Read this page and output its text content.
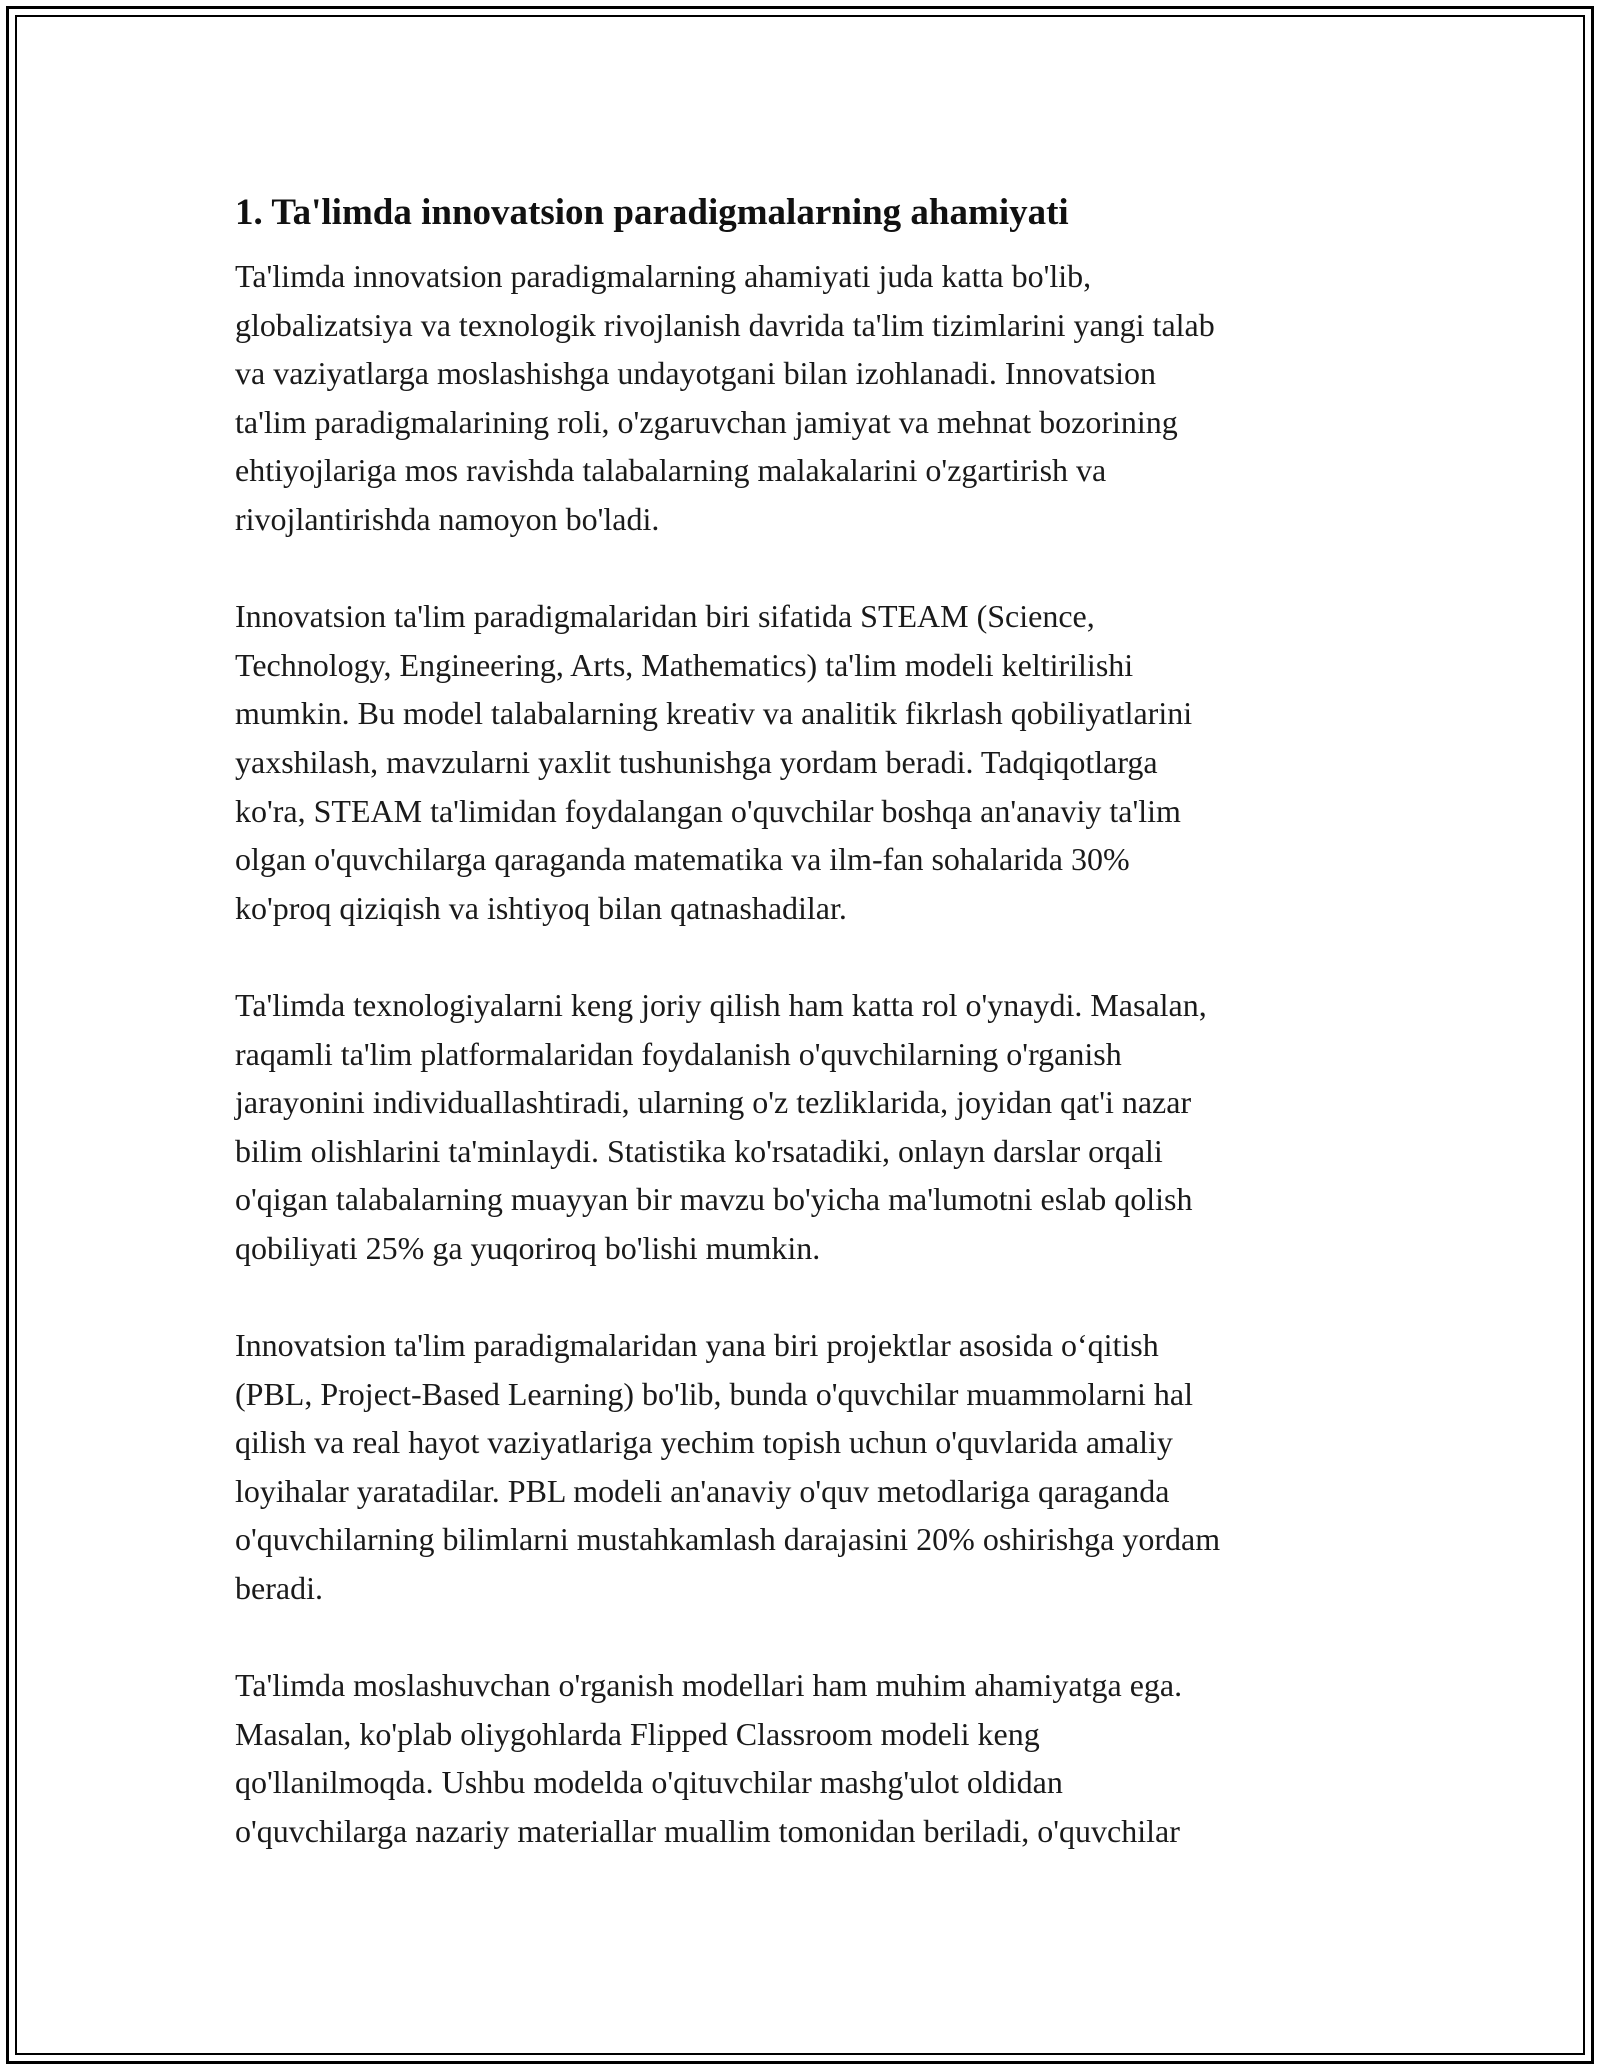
1. Ta'limda innovatsion paradigmalarning ahamiyati
Ta'limda innovatsion paradigmalarning ahamiyati juda katta bo'lib,
globalizatsiya va texnologik rivojlanish davrida ta'lim tizimlarini yangi talab
va vaziyatlarga moslashishga undayotgani bilan izohlanadi. Innovatsion
ta'lim paradigmalarining roli, o'zgaruvchan jamiyat va mehnat bozorining
ehtiyojlariga mos ravishda talabalarning malakalarini o'zgartirish va
rivojlantirishda namoyon bo'ladi.
Innovatsion ta'lim paradigmalaridan biri sifatida STEAM (Science,
Technology, Engineering, Arts, Mathematics) ta'lim modeli keltirilishi
mumkin. Bu model talabalarning kreativ va analitik fikrlash qobiliyatlarini
yaxshilash, mavzularni yaxlit tushunishga yordam beradi. Tadqiqotlarga
ko'ra, STEAM ta'limidan foydalangan o'quvchilar boshqa an'anaviy ta'lim
olgan o'quvchilarga qaraganda matematika va ilm-fan sohalarida 30%
ko'proq qiziqish va ishtiyoq bilan qatnashadilar.
Ta'limda texnologiyalarni keng joriy qilish ham katta rol o'ynaydi. Masalan,
raqamli ta'lim platformalaridan foydalanish o'quvchilarning o'rganish
jarayonini individuallashtiradi, ularning o'z tezliklarida, joyidan qat'i nazar
bilim olishlarini ta'minlaydi. Statistika ko'rsatadiki, onlayn darslar orqali
o'qigan talabalarning muayyan bir mavzu bo'yicha ma'lumotni eslab qolish
qobiliyati 25% ga yuqoriroq bo'lishi mumkin.
Innovatsion ta'lim paradigmalaridan yana biri projektlar asosida o‘qitish
(PBL, Project-Based Learning) bo'lib, bunda o'quvchilar muammolarni hal
qilish va real hayot vaziyatlariga yechim topish uchun o'quvlarida amaliy
loyihalar yaratadilar. PBL modeli an'anaviy o'quv metodlariga qaraganda
o'quvchilarning bilimlarni mustahkamlash darajasini 20% oshirishga yordam
beradi.
Ta'limda moslashuvchan o'rganish modellari ham muhim ahamiyatga ega.
Masalan, ko'plab oliygohlarda Flipped Classroom modeli keng
qo'llanilmoqda. Ushbu modelda o'qituvchilar mashg'ulot oldidan
o'quvchilarga nazariy materiallar muallim tomonidan beriladi, o'quvchilar
